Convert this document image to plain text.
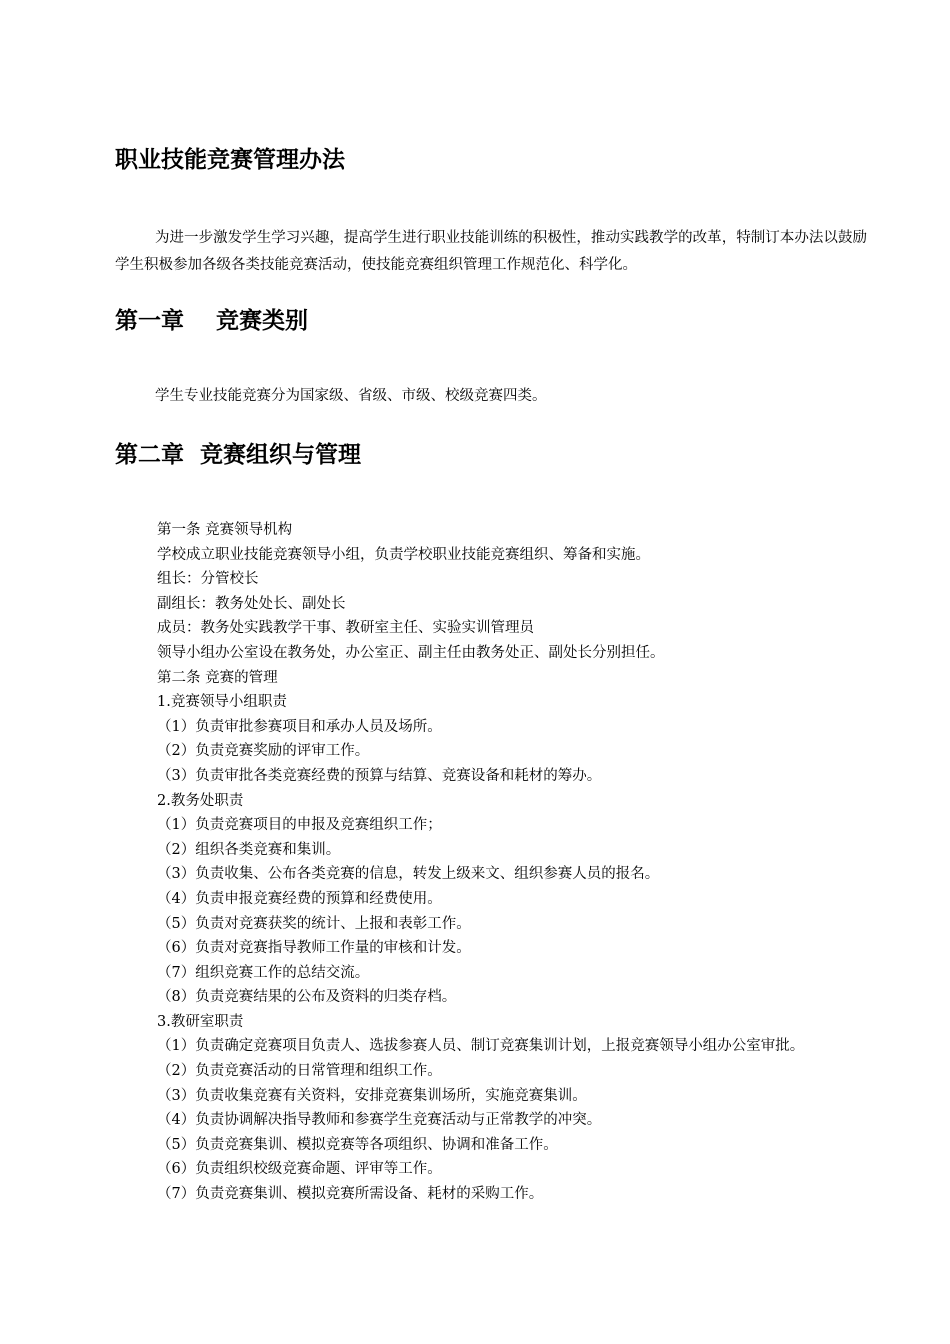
职业技能竞赛管理办法

为进一步激发学生学习兴趣，提高学生进行职业技能训练的积极性，推动实践教学的改革，特制订本办法以鼓励学生积极参加各级各类技能竞赛活动，使技能竞赛组织管理工作规范化、科学化。

第一章    竞赛类别

学生专业技能竞赛分为国家级、省级、市级、校级竞赛四类。

第二章  竞赛组织与管理
第一条 竞赛领导机构
学校成立职业技能竞赛领导小组，负责学校职业技能竞赛组织、筹备和实施。
组长：分管校长
副组长：教务处处长、副处长
成员：教务处实践教学干事、教研室主任、实验实训管理员
领导小组办公室设在教务处，办公室正、副主任由教务处正、副处长分别担任。
第二条 竞赛的管理
1.竞赛领导小组职责
（1）负责审批参赛项目和承办人员及场所。
（2）负责竞赛奖励的评审工作。
（3）负责审批各类竞赛经费的预算与结算、竞赛设备和耗材的筹办。
2.教务处职责
（1）负责竞赛项目的申报及竞赛组织工作；
（2）组织各类竞赛和集训。
（3）负责收集、公布各类竞赛的信息，转发上级来文、组织参赛人员的报名。
（4）负责申报竞赛经费的预算和经费使用。
（5）负责对竞赛获奖的统计、上报和表彰工作。
（6）负责对竞赛指导教师工作量的审核和计发。
（7）组织竞赛工作的总结交流。
（8）负责竞赛结果的公布及资料的归类存档。
3.教研室职责
（1）负责确定竞赛项目负责人、选拔参赛人员、制订竞赛集训计划，上报竞赛领导小组办公室审批。
（2）负责竞赛活动的日常管理和组织工作。
（3）负责收集竞赛有关资料，安排竞赛集训场所，实施竞赛集训。
（4）负责协调解决指导教师和参赛学生竞赛活动与正常教学的冲突。
（5）负责竞赛集训、模拟竞赛等各项组织、协调和准备工作。
（6）负责组织校级竞赛命题、评审等工作。
（7）负责竞赛集训、模拟竞赛所需设备、耗材的采购工作。
